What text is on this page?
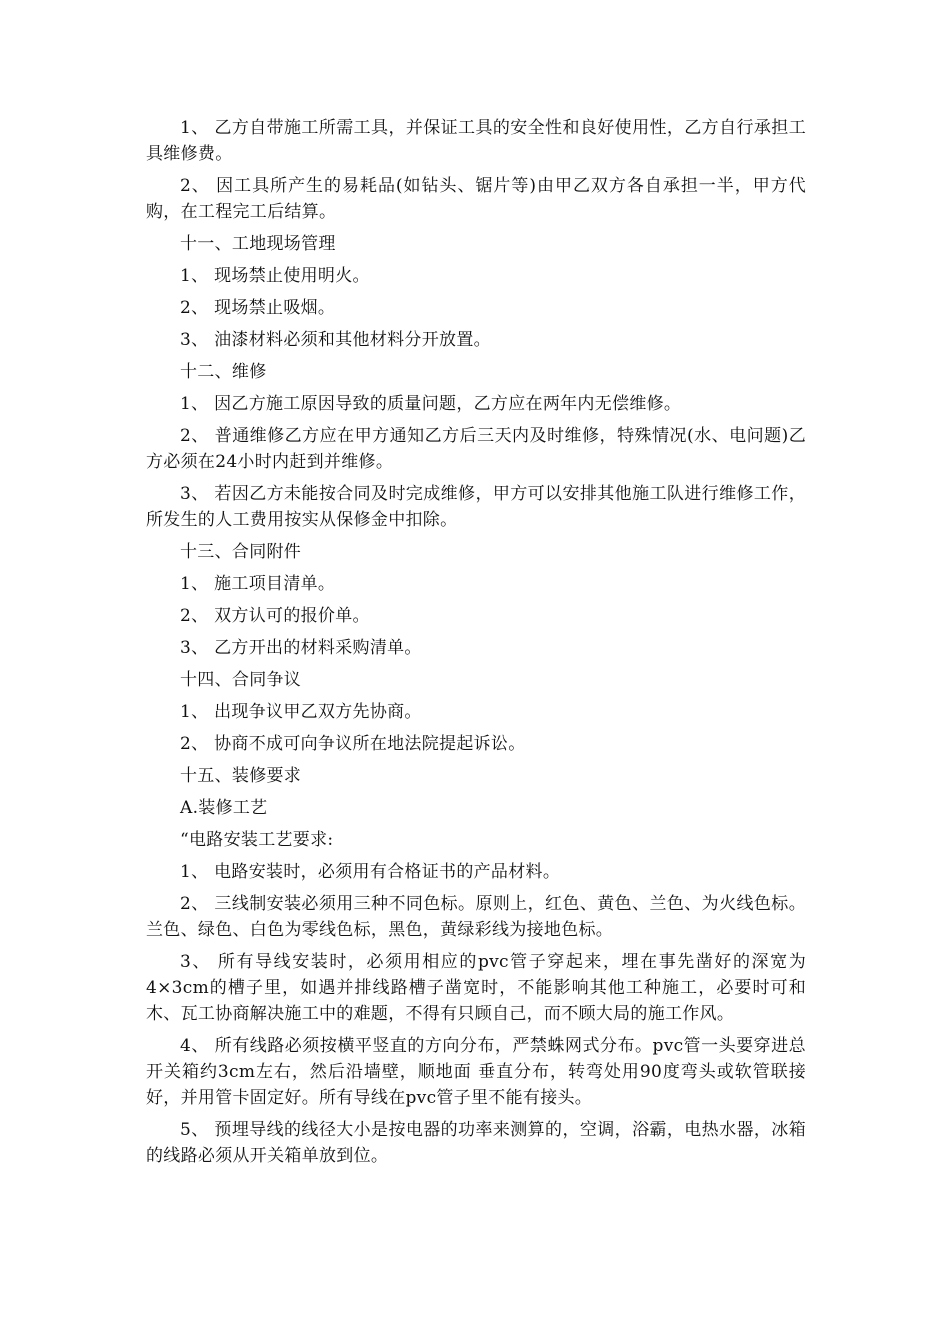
1、 乙方自带施工所需工具，并保证工具的安全性和良好使用性，乙方自行承担工具维修费。

2、 因工具所产生的易耗品(如钻头、锯片等)由甲乙双方各自承担一半，甲方代购，在工程完工后结算。

十一、工地现场管理

1、 现场禁止使用明火。

2、 现场禁止吸烟。

3、 油漆材料必须和其他材料分开放置。

十二、维修

1、 因乙方施工原因导致的质量问题，乙方应在两年内无偿维修。

2、 普通维修乙方应在甲方通知乙方后三天内及时维修，特殊情况(水、电问题)乙方必须在24小时内赶到并维修。

3、 若因乙方未能按合同及时完成维修，甲方可以安排其他施工队进行维修工作，所发生的人工费用按实从保修金中扣除。

十三、合同附件

1、 施工项目清单。

2、 双方认可的报价单。

3、 乙方开出的材料采购清单。

十四、合同争议

1、 出现争议甲乙双方先协商。

2、 协商不成可向争议所在地法院提起诉讼。

十五、装修要求

A.装修工艺

“电路安装工艺要求:

1、 电路安装时，必须用有合格证书的产品材料。

2、 三线制安装必须用三种不同色标。原则上，红色、黄色、兰色、为火线色标。兰色、绿色、白色为零线色标，黑色，黄绿彩线为接地色标。

3、 所有导线安装时，必须用相应的pvc管子穿起来，埋在事先凿好的深宽为4×3cm的槽子里，如遇并排线路槽子凿宽时，不能影响其他工种施工，必要时可和木、瓦工协商解决施工中的难题，不得有只顾自己，而不顾大局的施工作风。

4、 所有线路必须按横平竖直的方向分布，严禁蛛网式分布。pvc管一头要穿进总开关箱约3cm左右，然后沿墙壁，顺地面 垂直分布，转弯处用90度弯头或软管联接好，并用管卡固定好。所有导线在pvc管子里不能有接头。

5、 预埋导线的线径大小是按电器的功率来测算的，空调，浴霸，电热水器，冰箱的线路必须从开关箱单放到位。
